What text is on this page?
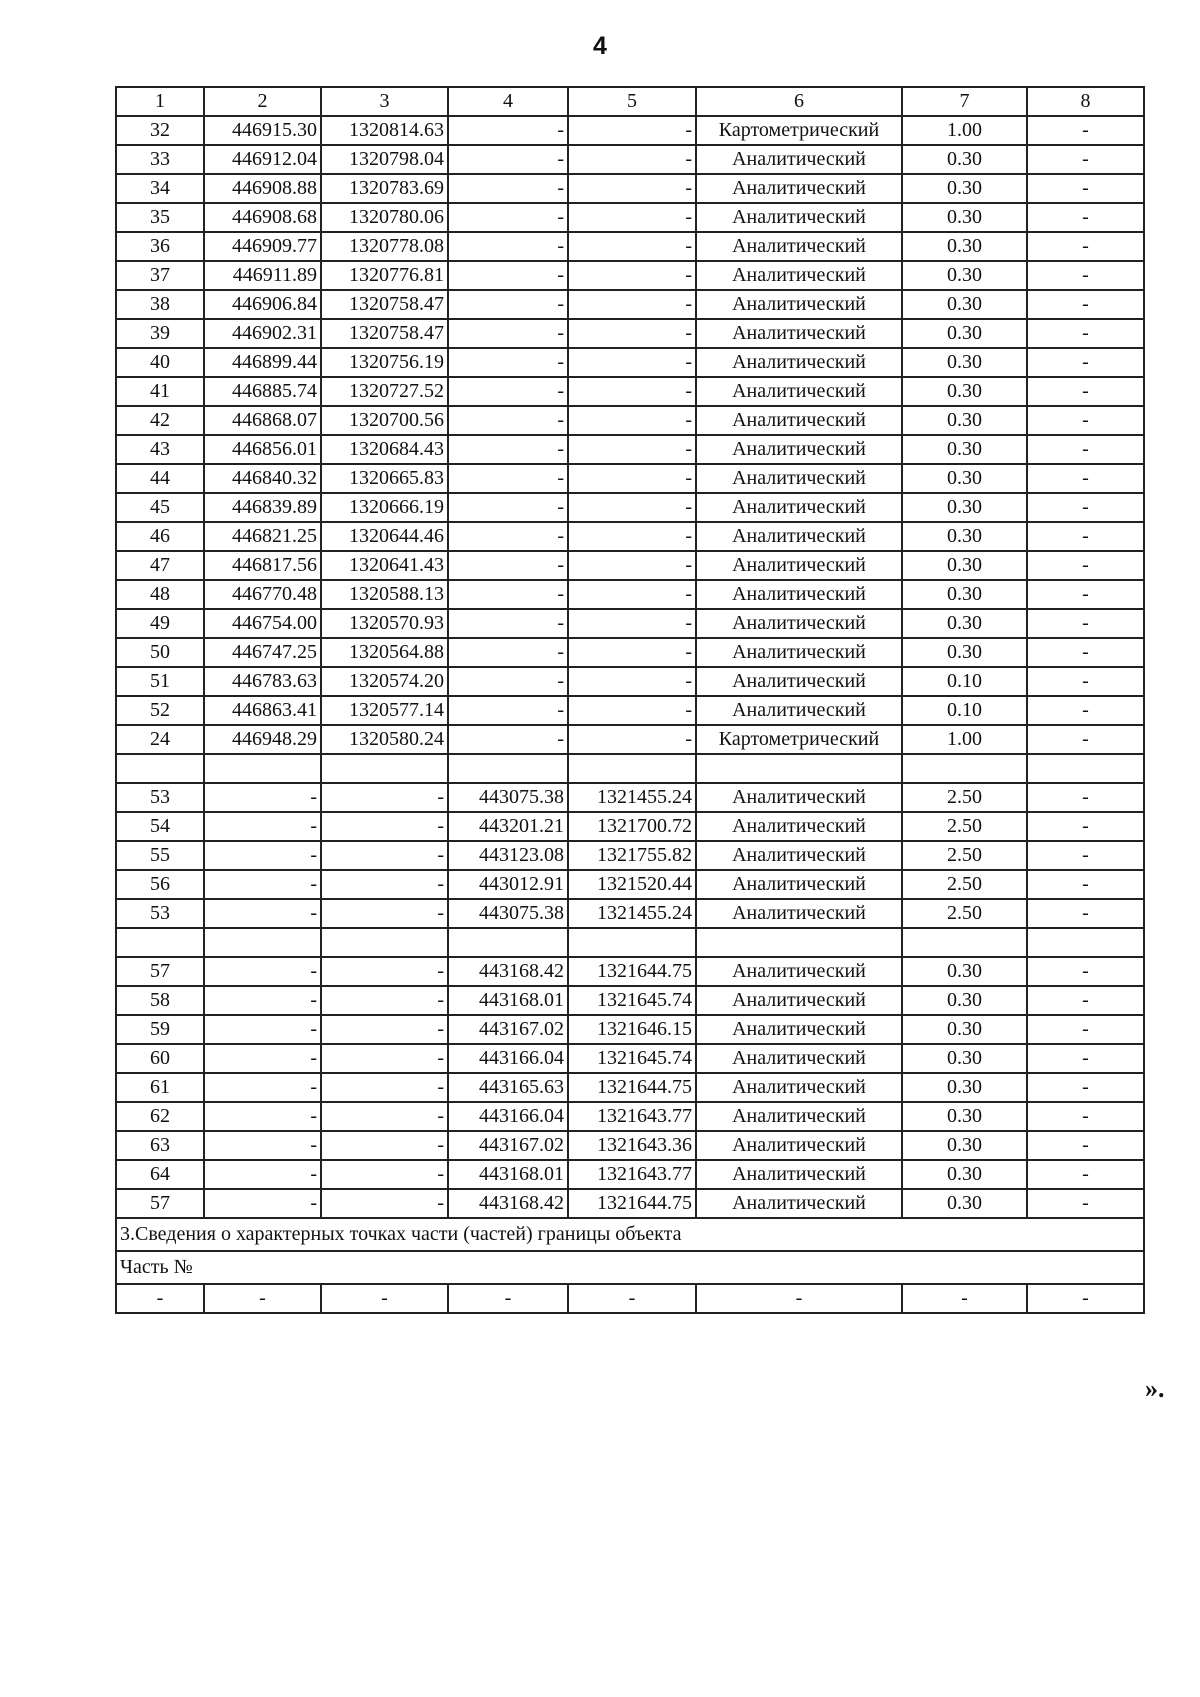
4
1	2	3	4	5	6	7	8
32	446915.30	1320814.63	-	-	Картометрический	1.00	-
33	446912.04	1320798.04	-	-	Аналитический	0.30	-
34	446908.88	1320783.69	-	-	Аналитический	0.30	-
35	446908.68	1320780.06	-	-	Аналитический	0.30	-
36	446909.77	1320778.08	-	-	Аналитический	0.30	-
37	446911.89	1320776.81	-	-	Аналитический	0.30	-
38	446906.84	1320758.47	-	-	Аналитический	0.30	-
39	446902.31	1320758.47	-	-	Аналитический	0.30	-
40	446899.44	1320756.19	-	-	Аналитический	0.30	-
41	446885.74	1320727.52	-	-	Аналитический	0.30	-
42	446868.07	1320700.56	-	-	Аналитический	0.30	-
43	446856.01	1320684.43	-	-	Аналитический	0.30	-
44	446840.32	1320665.83	-	-	Аналитический	0.30	-
45	446839.89	1320666.19	-	-	Аналитический	0.30	-
46	446821.25	1320644.46	-	-	Аналитический	0.30	-
47	446817.56	1320641.43	-	-	Аналитический	0.30	-
48	446770.48	1320588.13	-	-	Аналитический	0.30	-
49	446754.00	1320570.93	-	-	Аналитический	0.30	-
50	446747.25	1320564.88	-	-	Аналитический	0.30	-
51	446783.63	1320574.20	-	-	Аналитический	0.10	-
52	446863.41	1320577.14	-	-	Аналитический	0.10	-
24	446948.29	1320580.24	-	-	Картометрический	1.00	-

53	-	-	443075.38	1321455.24	Аналитический	2.50	-
54	-	-	443201.21	1321700.72	Аналитический	2.50	-
55	-	-	443123.08	1321755.82	Аналитический	2.50	-
56	-	-	443012.91	1321520.44	Аналитический	2.50	-
53	-	-	443075.38	1321455.24	Аналитический	2.50	-

57	-	-	443168.42	1321644.75	Аналитический	0.30	-
58	-	-	443168.01	1321645.74	Аналитический	0.30	-
59	-	-	443167.02	1321646.15	Аналитический	0.30	-
60	-	-	443166.04	1321645.74	Аналитический	0.30	-
61	-	-	443165.63	1321644.75	Аналитический	0.30	-
62	-	-	443166.04	1321643.77	Аналитический	0.30	-
63	-	-	443167.02	1321643.36	Аналитический	0.30	-
64	-	-	443168.01	1321643.77	Аналитический	0.30	-
57	-	-	443168.42	1321644.75	Аналитический	0.30	-
3.Сведения о характерных точках части (частей) границы объекта							
Часть №							
-	-	-	-	-	-	-	-
».
